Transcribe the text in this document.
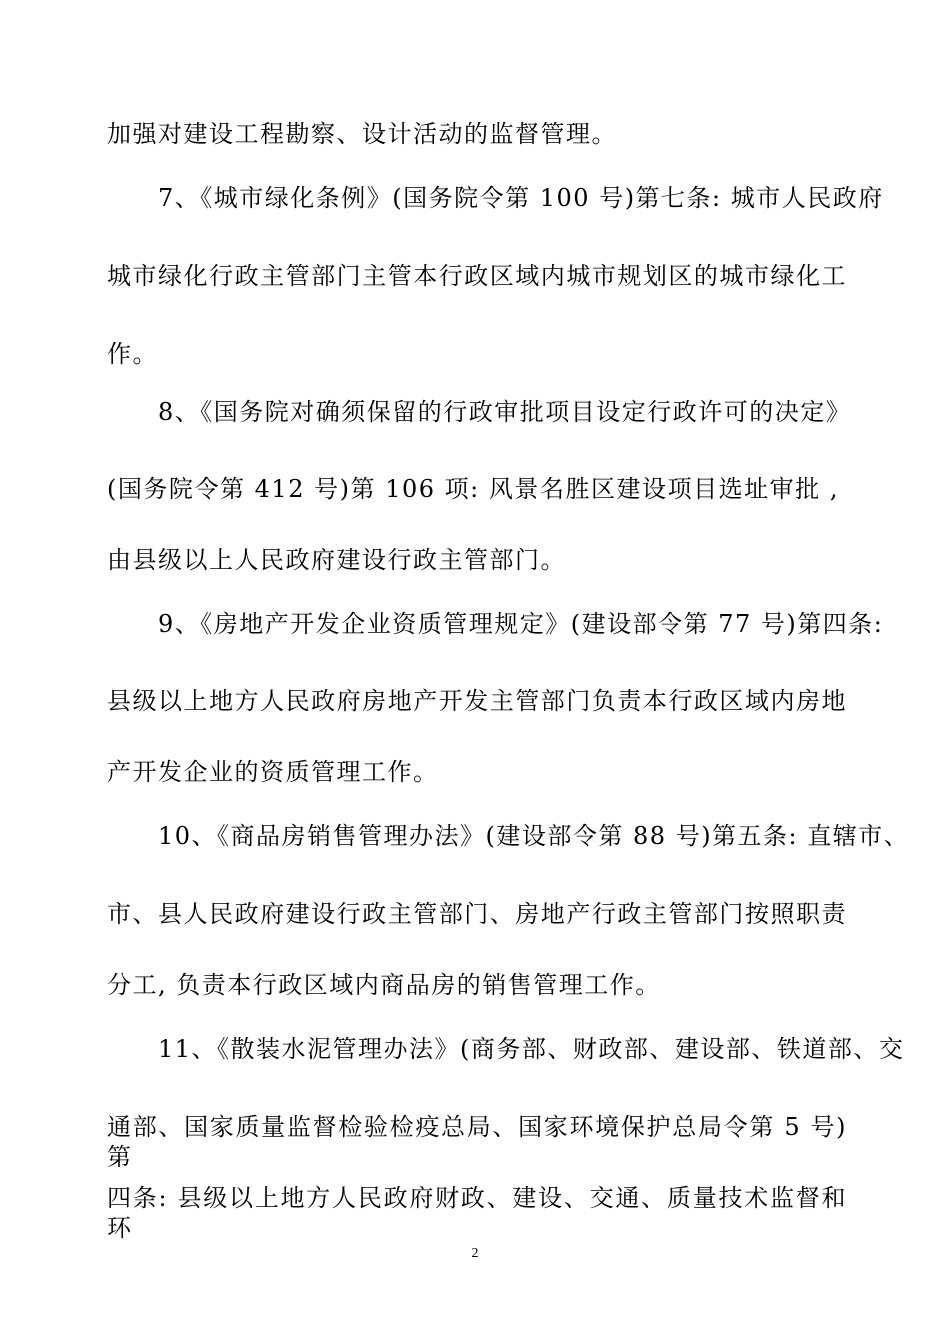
加强对建设工程勘察、设计活动的监督管理。
7、《城市绿化条例》(国务院令第 100 号)第七条: 城市人民政府
城市绿化行政主管部门主管本行政区域内城市规划区的城市绿化工
作。
8、《国务院对确须保留的行政审批项目设定行政许可的决定》
(国务院令第 412 号)第 106 项: 风景名胜区建设项目选址审批 ,
由县级以上人民政府建设行政主管部门。
9、《房地产开发企业资质管理规定》(建设部令第 77 号)第四条:
县级以上地方人民政府房地产开发主管部门负责本行政区域内房地
产开发企业的资质管理工作。
10、《商品房销售管理办法》(建设部令第 88 号)第五条: 直辖市、
市、县人民政府建设行政主管部门、房地产行政主管部门按照职责
分工, 负责本行政区域内商品房的销售管理工作。
11、《散装水泥管理办法》(商务部、财政部、建设部、铁道部、交
通部、国家质量监督检验检疫总局、国家环境保护总局令第 5 号)第
四条: 县级以上地方人民政府财政、建设、交通、质量技术监督和环
2
